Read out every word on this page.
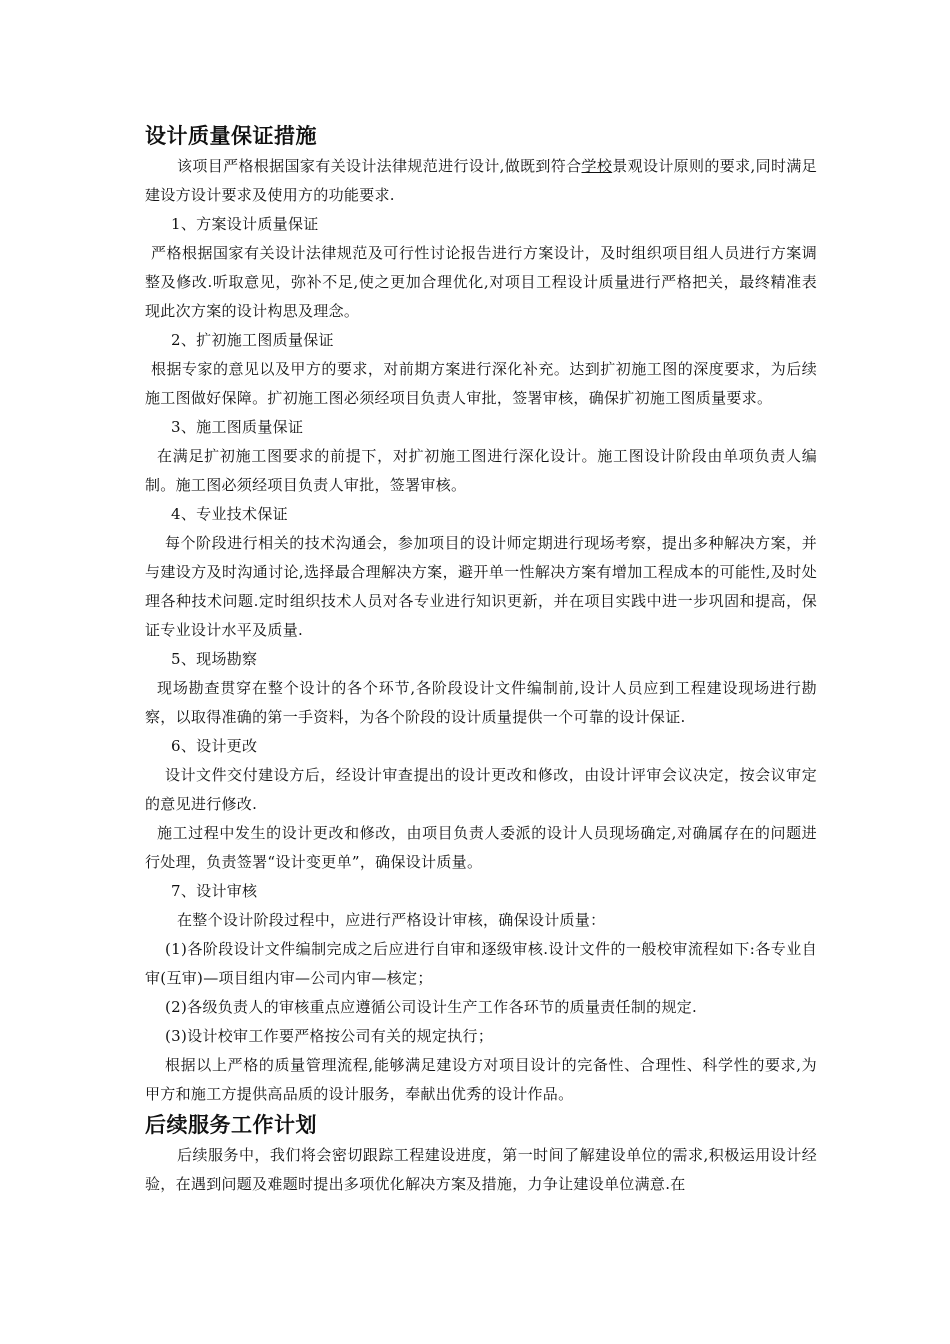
设计质量保证措施

该项目严格根据国家有关设计法律规范进行设计,做既到符合学校景观设计原则的要求,同时满足建设方设计要求及使用方的功能要求.

1、方案设计质量保证

严格根据国家有关设计法律规范及可行性讨论报告进行方案设计，及时组织项目组人员进行方案调整及修改.听取意见，弥补不足,使之更加合理优化,对项目工程设计质量进行严格把关，最终精准表现此次方案的设计构思及理念。

2、扩初施工图质量保证

根据专家的意见以及甲方的要求，对前期方案进行深化补充。达到扩初施工图的深度要求，为后续施工图做好保障。扩初施工图必须经项目负责人审批，签署审核，确保扩初施工图质量要求。

3、施工图质量保证

在满足扩初施工图要求的前提下，对扩初施工图进行深化设计。施工图设计阶段由单项负责人编制。施工图必须经项目负责人审批，签署审核。

4、专业技术保证

每个阶段进行相关的技术沟通会，参加项目的设计师定期进行现场考察，提出多种解决方案，并与建设方及时沟通讨论,选择最合理解决方案，避开单一性解决方案有增加工程成本的可能性,及时处理各种技术问题.定时组织技术人员对各专业进行知识更新，并在项目实践中进一步巩固和提高，保证专业设计水平及质量.

5、现场勘察

现场勘查贯穿在整个设计的各个环节,各阶段设计文件编制前,设计人员应到工程建设现场进行勘察，以取得准确的第一手资料，为各个阶段的设计质量提供一个可靠的设计保证.

6、设计更改

设计文件交付建设方后，经设计审查提出的设计更改和修改，由设计评审会议决定，按会议审定的意见进行修改.

施工过程中发生的设计更改和修改，由项目负责人委派的设计人员现场确定,对确属存在的问题进行处理，负责签署“设计变更单”，确保设计质量。

7、设计审核

在整个设计阶段过程中，应进行严格设计审核，确保设计质量：

(1)各阶段设计文件编制完成之后应进行自审和逐级审核.设计文件的一般校审流程如下:各专业自审(互审)—项目组内审—公司内审—核定；

(2)各级负责人的审核重点应遵循公司设计生产工作各环节的质量责任制的规定.

(3)设计校审工作要严格按公司有关的规定执行；

根据以上严格的质量管理流程,能够满足建设方对项目设计的完备性、合理性、科学性的要求,为甲方和施工方提供高品质的设计服务，奉献出优秀的设计作品。

后续服务工作计划

后续服务中，我们将会密切跟踪工程建设进度，第一时间了解建设单位的需求,积极运用设计经验，在遇到问题及难题时提出多项优化解决方案及措施，力争让建设单位满意.在
